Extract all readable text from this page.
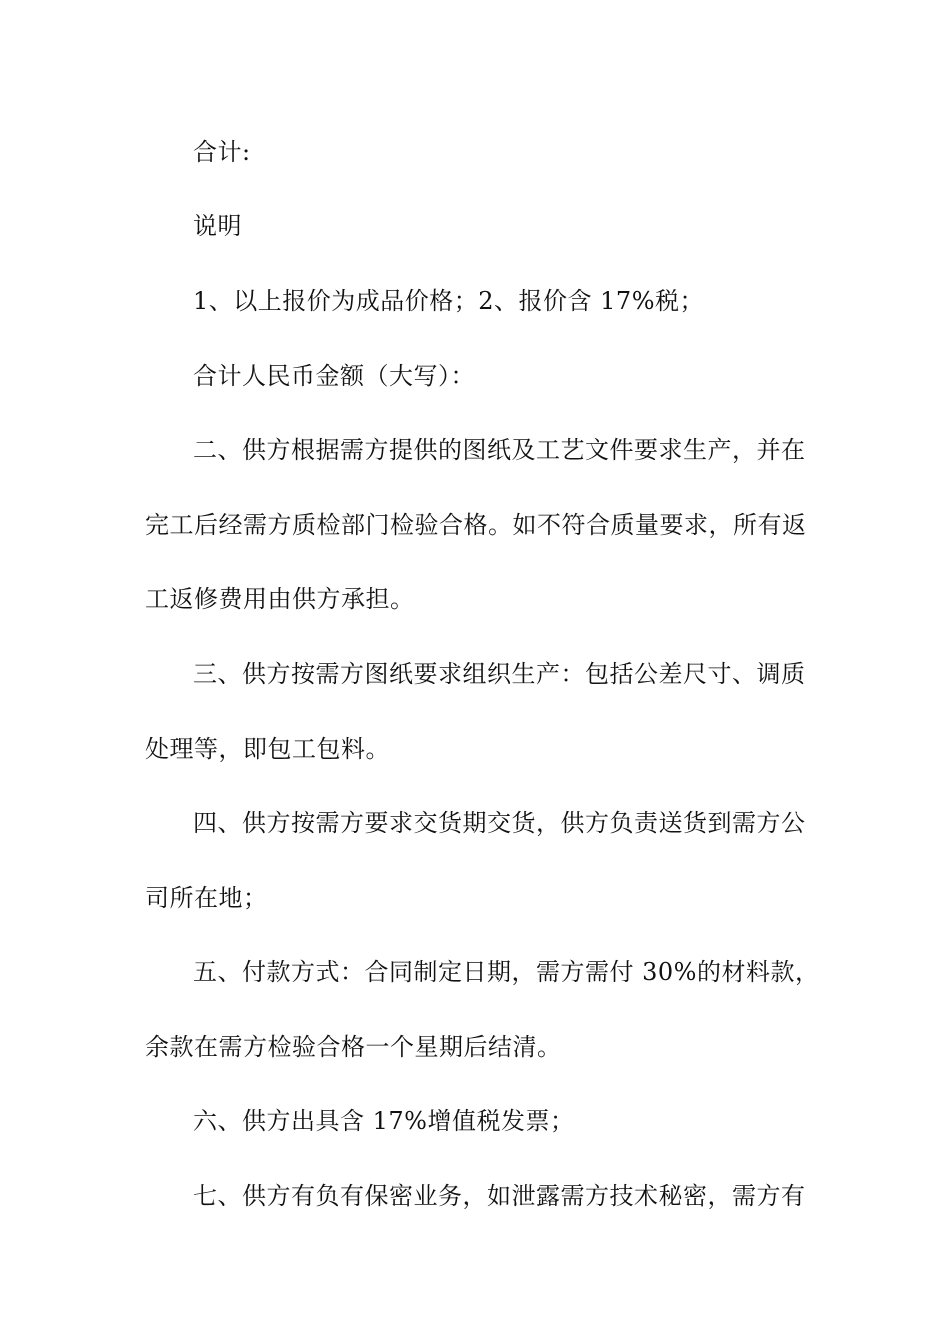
合计:
说明
1、以上报价为成品价格；2、报价含 17%税；
合计人民币金额（大写）：
二、供方根据需方提供的图纸及工艺文件要求生产，并在
完工后经需方质检部门检验合格。如不符合质量要求，所有返
工返修费用由供方承担。
三、供方按需方图纸要求组织生产：包括公差尺寸、调质
处理等，即包工包料。
四、供方按需方要求交货期交货，供方负责送货到需方公
司所在地；
五、付款方式：合同制定日期，需方需付 30%的材料款，
余款在需方检验合格一个星期后结清。
六、供方出具含 17%增值税发票；
七、供方有负有保密业务，如泄露需方技术秘密，需方有
